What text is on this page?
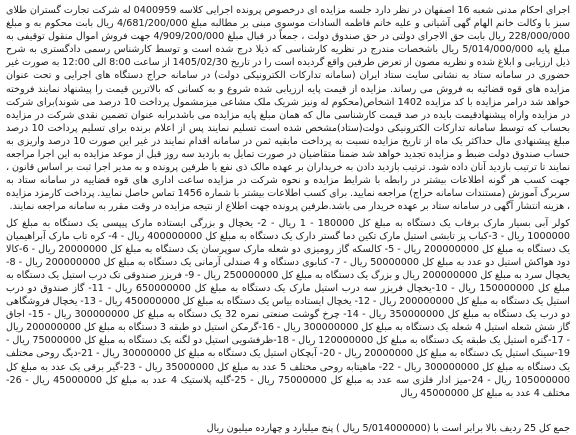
اجرای احکام مدنی شعبه 16 اصفهان در نظر دارد جلسه مزایده ای درخصوص پرونده اجرایی کلاسه 0400959 له شرکت تجارت گستران طلای سبز با وکالت خانم الهام گهی آشیانی و علیه خانم فاطمه السادات موسوی مبنی بر مطالبه مبلغ 4/681/200/000 ریال بابت محکوم به و مبلغ 228/000/000 ریال بابت حق الاجرای دولتی در حق صندوق دولت ، جمعاً در قبال مبلغ 4/909/200/000 جهت فروش اموال منقول توقیفی به مبلغ پایه 5/014/000/000 ریال باشخصات مندرج در نظریه کارشناسی که ذیلا درج شده است و توسط کارشناس رسمی دادگستری به شرح ذیل ارزیابی و ابلاغ شده و نظریه مصون از تعرض طرفین واقع گردیده است را در تاریخ 1405/02/30 از ساعت 8:00 الی 12:00 به صورت غیر حضوری در سامانه ستاد به نشانی سایت ستاد ایران (سامانه تدارکات الکترونیکی دولت) در سامانه حراج دستگاه های اجرایی و تحت عنوان مزایده های قوه قضائیه به فروش می رساند. مزایده از قیمت پایه ارزیابی شده شروع و به کسانی که بالاترین قیمت را پیشنهاد نمایند فروخته خواهد شد درامر مزایده با کد مزایده 1402 اشخاص(محکوم له ونیز شریک ملک مشاعی میزمشمول پرداخت 10 درصد می شوند)برای شرکت در مزایده واراه پیشنهادقیمت بایده در صد قیمت کارشناسی مال که همان مبلغ پایه مزایده می باشدبرابه عنوان تضمین نقدی شرکت در مزایده بحساب که توسط سامانه تدارکات الکترونیکی دولت(ستاد)مشخص شده است تسلیم نمایند پس از اعلام برنده برای تسلیم پرداخت 10 درصد مبلغ پیشنهادی مال حداکثر یک ماه از تاریخ مزایده نسبت به پرداخت مابقیه ثمن در سامانه اقدام نمایند در غیر این صورت 10 درصد واریزی به حساب صندوق دولت ضبط و مزایده تجدید خواهد شد ضمنا متقاضیان در صورت تمایل به بازدید سه روز قبل از موعد مزایده به این اجرا مراجعه نمایند تا ترتیب بازدید آنان داده شود. ترتیب بازدید دادن به خریداران بر عهده مالک ذی نفع یا طرفین پرونده و به مدیر اجرا ثبت بر اساس قانون ، جهت کسب هر گونه اطلاعات بیشتر در رابطه با شرایط مزایده و نحوه شرکت در مزایده ساعت اداری های قوه قضاییه در سامانه ستاد به سربرگ آموزش (مستندات سامانه حراج) مراجعه نمایید. برای کسب اطلاعات بیشتر با شماره 1456 تماس حاصل نمایید. پرداخت کارمزد مزایده ، هزینه انتشار آگهی در سامانه ستاد بر عهده خریدار می باشد.طرفین پرونده جهت اطلاع از نتیجه مزایده در وقت مقرر به سامانه مراجعه نمایند.

کولر آبی بسیار مارک برفاب یک دستگاه به مبلغ کل 180000 - 1 ریال - 2- یخچال و بزرگی ایستاده مارک پیپسی یک دستگاه به مبلغ کل 1000000 ریال - 3-کباب پز تابشی استیل مارک تکین دما گستر دارک یک دستگاه به مبلغ کل 400000000 ریال - 4- کره تاب مارک آبراهیمیان یک دستگاه به مبلغ کل 200000000 ریال - 5- کالسکه گاز رومیزی دو شعله مارک سوپرسان یک دستگاه به مبلغ کل 20000000 ریال - 6-کالا دود هواکش استیل دو عدد به مبلغ کل 50000000 ریال - 7- کنابوی دستگاه و 4 صندلی آرمانی یک دستگاه به مبلغ کل 200000000 ریال - 8- یخچال سرد به مبلغ کل 200000000 ریال و بزرگ یک دستگاه به مبلغ کل 250000000 ریال - 9- فریزر صندوقی تک درب استیل یک دستگاه به مبلغ کل 150000000 ریال - 10-یخچال فریزر سه درب استیل مارک یک دستگاه به مبلغ کل 650000000 ریال - 11- گاز صندوق دو درب استیل یک دستگاه به مبلغ کل 200000000 ریال - 12- یخچال ایستاده بیاس یک دستگاه به مبلغ کل 450000000 ریال - 13- یخچال فروشگاهی دو درب یک دستگاه به مبلغ کل 350000000 ریال - 14- چرخ گوشت صنعتی نمره 32 یک دستگاه به مبلغ کل 300000000 ریال - 15- اجاق گاز شش شعله استیل 4 شعله یک دستگاه به مبلغ کل 300000000 ریال - 16-گرمکن استیل دو طبقه 3 دستگاه به مبلغ کل 200000000 ریال - 17-گتره استیل یک طبقه یک دستگاه به مبلغ کل 120000000 ریال - 18-ظرفشویی استیل دو لگنه یک دستگاه به مبلغ کل 75000000 ریال - 19-سینک استیل یک دستگاه به مبلغ کل 20000000 ریال - 20- آبچکان استیل یک دستگاه به مبلغ کل 30000000 ریال - 21-دیگ روحی مختلف یک دستگاه به مبلغ کل 300000000 ریال - 22- ماهیتابه روحی مختلف 5 عدد به مبلغ کل 35000000 ریال - 23-گیر برقی یک عدد به مبلغ کل 105000000 ریال - 24-میز ادار فلزی سه عدد به مبلغ کل 75000000 ریال - 25-گلیه پلاستیک 4 عدد به مبلغ کل 45000000 ریال - 26- مختلف 4 عدد به مبلغ کل 45000000 ریال

جمع کل 25 ردیف بالا برابر است با (5/014000000 ریال ) پنج میلیارد و چهارده میلیون ریال
